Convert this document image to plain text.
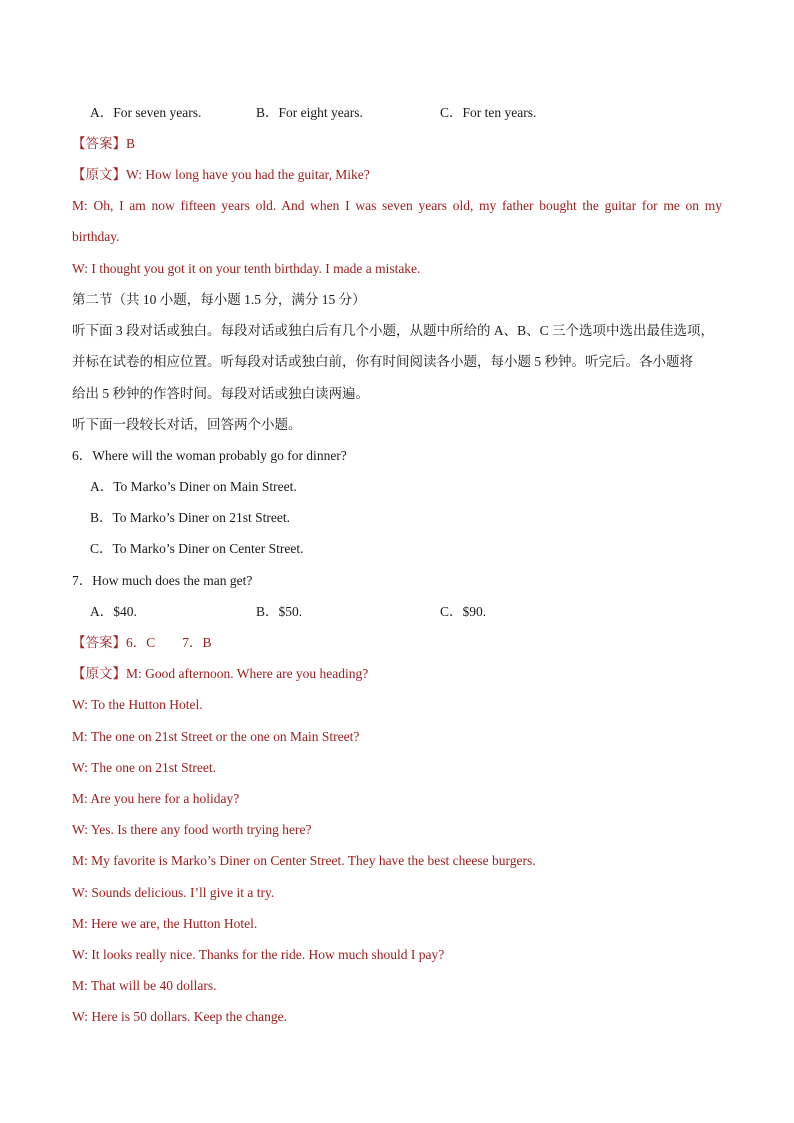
A．For seven years.	B．For eight years.	C．For ten years.
【答案】B
【原文】W: How long have you had the guitar, Mike?
M: Oh, I am now fifteen years old. And when I was seven years old, my father bought the guitar for me on my
birthday.
W: I thought you got it on your tenth birthday. I made a mistake.
第二节（共 10 小题，每小题 1.5 分，满分 15 分）
听下面 3 段对话或独白。每段对话或独白后有几个小题，从题中所给的 A、B、C 三个选项中选出最佳选项，
并标在试卷的相应位置。听每段对话或独白前，你有时间阅读各小题，每小题 5 秒钟。听完后。各小题将
给出 5 秒钟的作答时间。每段对话或独白读两遍。
听下面一段较长对话，回答两个小题。
6．Where will the woman probably go for dinner?
A．To Marko’s Diner on Main Street.
B．To Marko’s Diner on 21st Street.
C．To Marko’s Diner on Center Street.
7．How much does the man get?
A．$40.	B．$50.	C．$90.
【答案】6．C　　7．B
【原文】M: Good afternoon. Where are you heading?
W: To the Hutton Hotel.
M: The one on 21st Street or the one on Main Street?
W: The one on 21st Street.
M: Are you here for a holiday?
W: Yes. Is there any food worth trying here?
M: My favorite is Marko’s Diner on Center Street. They have the best cheese burgers.
W: Sounds delicious. I’ll give it a try.
M: Here we are, the Hutton Hotel.
W: It looks really nice. Thanks for the ride. How much should I pay?
M: That will be 40 dollars.
W: Here is 50 dollars. Keep the change.
